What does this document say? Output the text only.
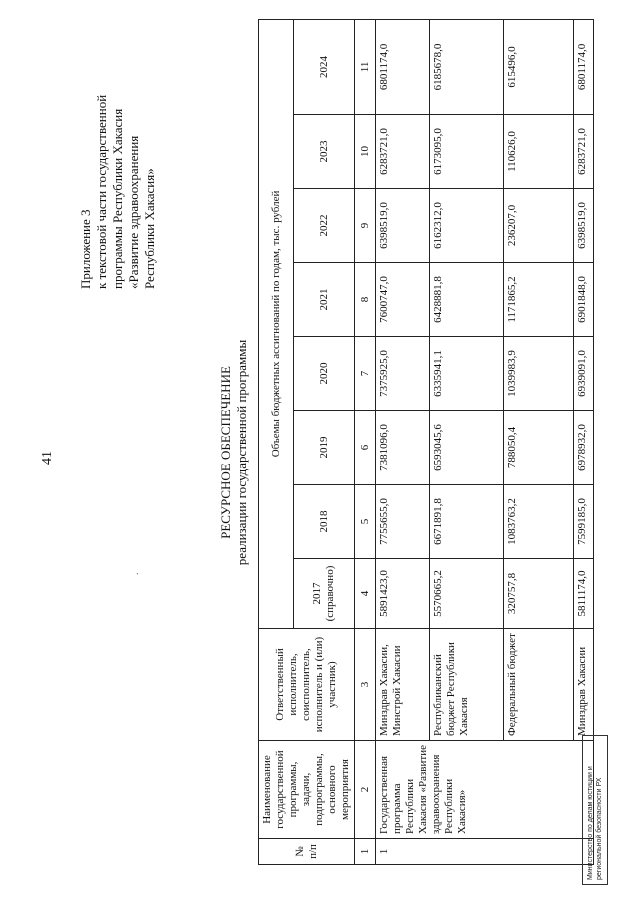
41
.
Приложение 3 к текстовой части государственной программы Республики Хакасия «Развитие здравоохранения Республики Хакасия»
РЕСУРСНОЕ ОБЕСПЕЧЕНИЕ реализации государственной программы
№ п/п	Наименование государственной программы, задачи, подпрограммы, основного мероприятия	Ответственный исполнитель, соисполнитель, исполнитель и (или) участник)	Объемы бюджетных ассигнований по годам, тыс. рублей							
			2017 (справочно)	2018	2019	2020	2021	2022	2023	2024
1	2	3	4	5	6	7	8	9	10	11
1	Государственная программа Республики Хакасия «Развитие здравоохранения Республики Хакасия»	Минздрав Хакасии, Минстрой Хакасии	5891423,0	7755655,0	7381096,0	7375925,0	7600747,0	6398519,0	6283721,0	6801174,0
		Республиканский бюджет Республики Хакасия	5570665,2	6671891,8	6593045,6	6335941,1	6428881,8	6162312,0	6173095,0	6185678,0
		Федеральный бюджет	320757,8	1083763,2	788050,4	1039983,9	1171865,2	236207,0	110626,0	615496,0
		Минздрав Хакасии	5811174,0	7599185,0	6978932,0	6939091,0	6901848,0	6398519,0	6283721,0	6801174,0
Министерство по делам юстиции и региональной безопасности РХ
